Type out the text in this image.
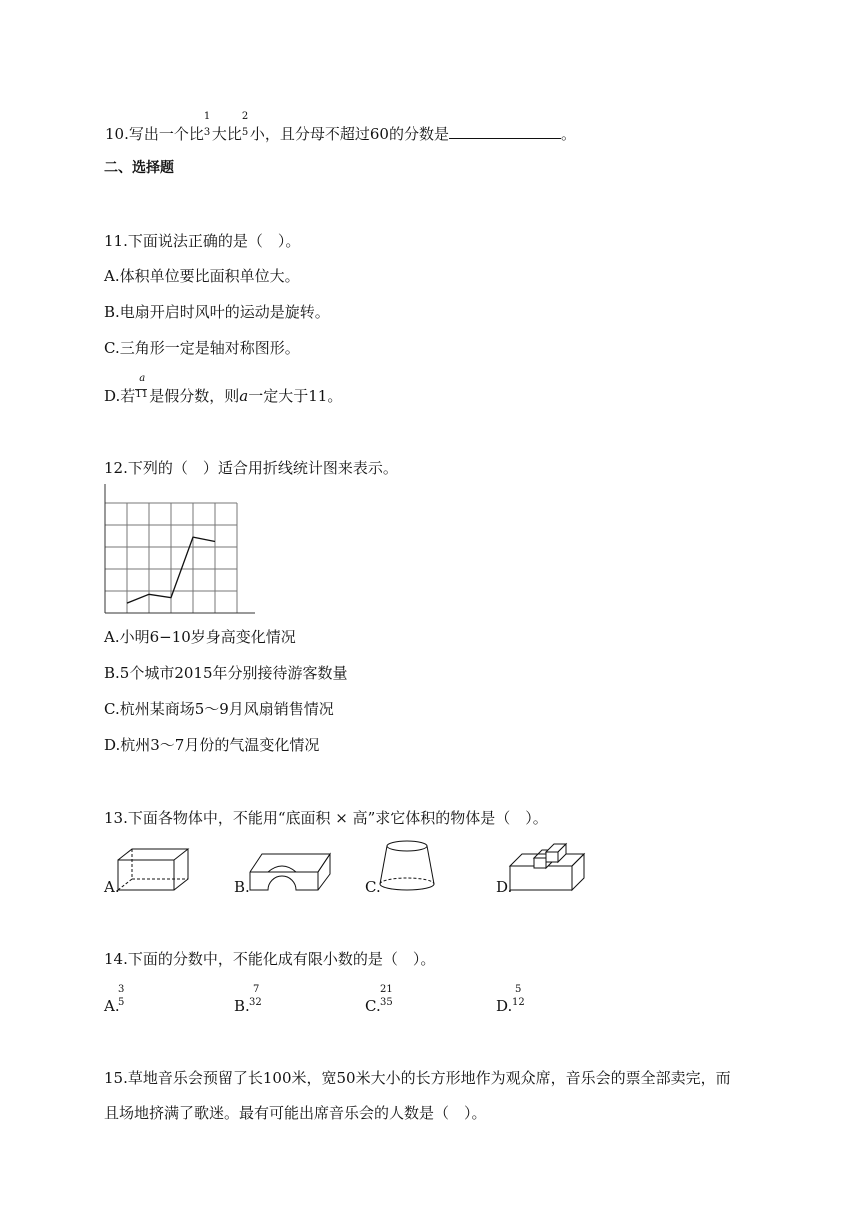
10.写出一个比
1
3 大比
2
5 小，且分母不超过60的分数是	。
二、选择题
11.下面说法正确的是（　）。
A.体积单位要比面积单位大。
B.电扇开启时风叶的运动是旋转。
C.三角形一定是轴对称图形。
D.若 $\frac{a}{11}$ 是假分数，则a一定大于11。
12.下列的（　）适合用折线统计图来表示。
A.小明6−10岁身高变化情况
B.5个城市2015年分别接待游客数量
C.杭州某商场5～9月风扇销售情况
D.杭州3～7月份的气温变化情况
13.下面各物体中，不能用“底面积 × 高”求它体积的物体是（　）。
A.	B.	C.	D.
14.下面的分数中，不能化成有限小数的是（　）。
A.
3
5	B.
7
32	C.
21
35	D.
5
12
15.草地音乐会预留了长100米，宽50米大小的长方形地作为观众席，音乐会的票全部卖完，而
且场地挤满了歌迷。最有可能出席音乐会的人数是（　）。
